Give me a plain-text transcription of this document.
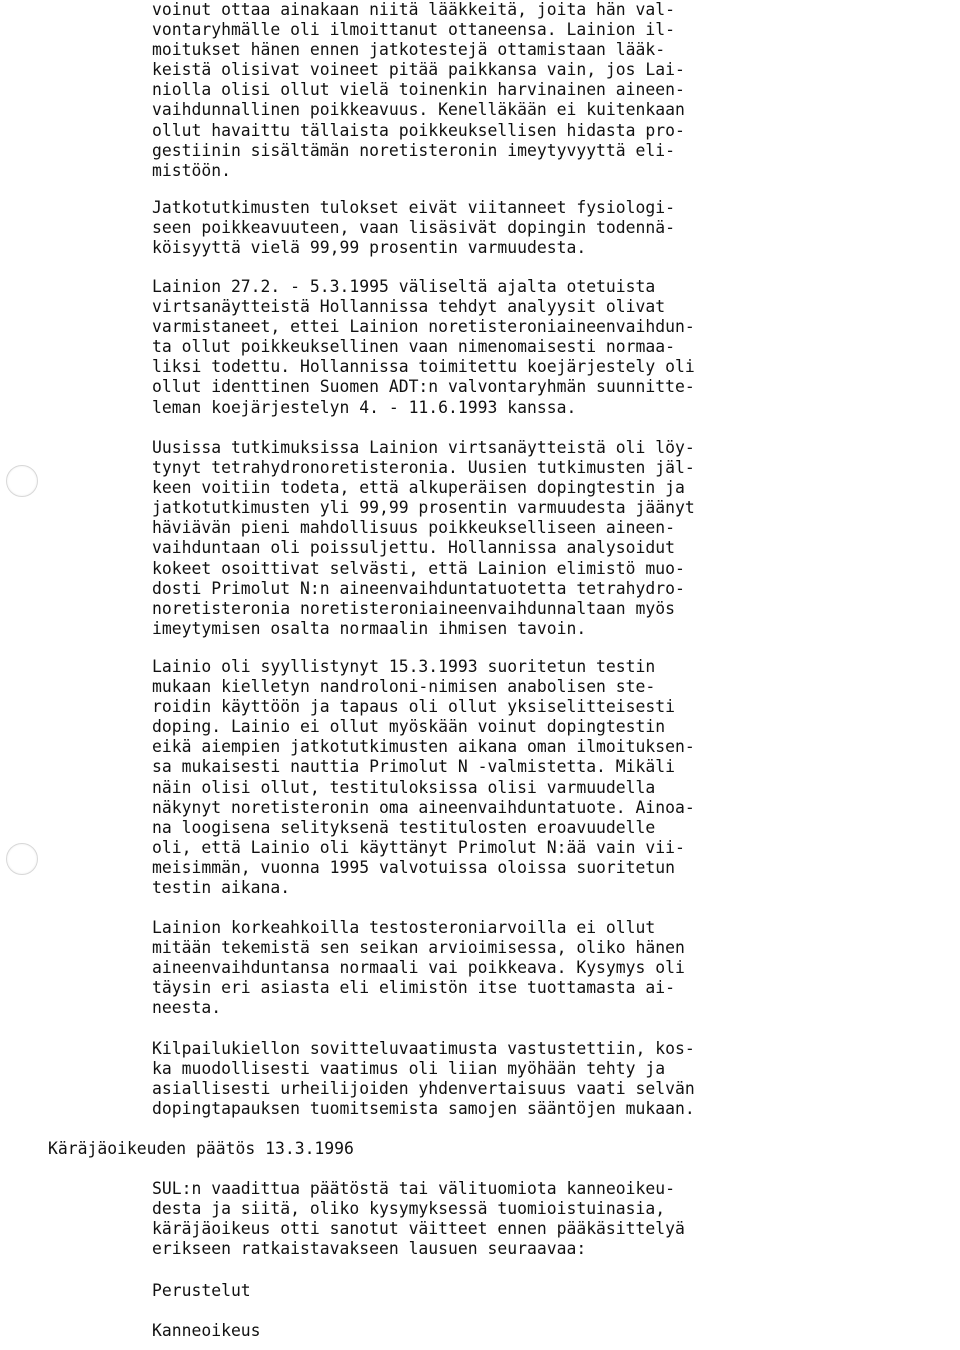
voinut ottaa ainakaan niitä lääkkeitä, joita hän val-
vontaryhmälle oli ilmoittanut ottaneensa. Lainion il-
moitukset hänen ennen jatkotestejä ottamistaan lääk-
keistä olisivat voineet pitää paikkansa vain, jos Lai-
niolla olisi ollut vielä toinenkin harvinainen aineen-
vaihdunnallinen poikkeavuus. Kenelläkään ei kuitenkaan
ollut havaittu tällaista poikkeuksellisen hidasta pro-
gestiinin sisältämän noretisteronin imeytyvyyttä eli-
mistöön.
Jatkotutkimusten tulokset eivät viitanneet fysiologi-
seen poikkeavuuteen, vaan lisäsivät dopingin todennä-
köisyyttä vielä 99,99 prosentin varmuudesta.
Lainion 27.2. - 5.3.1995 väliseltä ajalta otetuista
virtsanäytteistä Hollannissa tehdyt analyysit olivat
varmistaneet, ettei Lainion noretisteroniaineenvaihdun-
ta ollut poikkeuksellinen vaan nimenomaisesti normaa-
liksi todettu. Hollannissa toimitettu koejärjestely oli
ollut identtinen Suomen ADT:n valvontaryhmän suunnitte-
leman koejärjestelyn 4. - 11.6.1993 kanssa.
Uusissa tutkimuksissa Lainion virtsanäytteistä oli löy-
tynyt tetrahydronoretisteronia. Uusien tutkimusten jäl-
keen voitiin todeta, että alkuperäisen dopingtestin ja
jatkotutkimusten yli 99,99 prosentin varmuudesta jäänyt
häviävän pieni mahdollisuus poikkeukselliseen aineen-
vaihduntaan oli poissuljettu. Hollannissa analysoidut
kokeet osoittivat selvästi, että Lainion elimistö muo-
dosti Primolut N:n aineenvaihduntatuotetta tetrahydro-
noretisteronia noretisteroniaineenvaihdunnaltaan myös
imeytymisen osalta normaalin ihmisen tavoin.
Lainio oli syyllistynyt 15.3.1993 suoritetun testin
mukaan kielletyn nandroloni-nimisen anabolisen ste-
roidin käyttöön ja tapaus oli ollut yksiselitteisesti
doping. Lainio ei ollut myöskään voinut dopingtestin
eikä aiempien jatkotutkimusten aikana oman ilmoituksen-
sa mukaisesti nauttia Primolut N -valmistetta. Mikäli
näin olisi ollut, testituloksissa olisi varmuudella
näkynyt noretisteronin oma aineenvaihduntatuote. Ainoa-
na loogisena selityksenä testitulosten eroavuudelle
oli, että Lainio oli käyttänyt Primolut N:ää vain vii-
meisimmän, vuonna 1995 valvotuissa oloissa suoritetun
testin aikana.
Lainion korkeahkoilla testosteroniarvoilla ei ollut
mitään tekemistä sen seikan arvioimisessa, oliko hänen
aineenvaihduntansa normaali vai poikkeava. Kysymys oli
täysin eri asiasta eli elimistön itse tuottamasta ai-
neesta.
Kilpailukiellon sovitteluvaatimusta vastustettiin, kos-
ka muodollisesti vaatimus oli liian myöhään tehty ja
asiallisesti urheilijoiden yhdenvertaisuus vaati selvän
dopingtapauksen tuomitsemista samojen sääntöjen mukaan.
Käräjäoikeuden päätös 13.3.1996
SUL:n vaadittua päätöstä tai välituomiota kanneoikeu-
desta ja siitä, oliko kysymyksessä tuomioistuinasia,
käräjäoikeus otti sanotut väitteet ennen pääkäsittelyä
erikseen ratkaistavakseen lausuen seuraavaa:
Perustelut
Kanneoikeus
